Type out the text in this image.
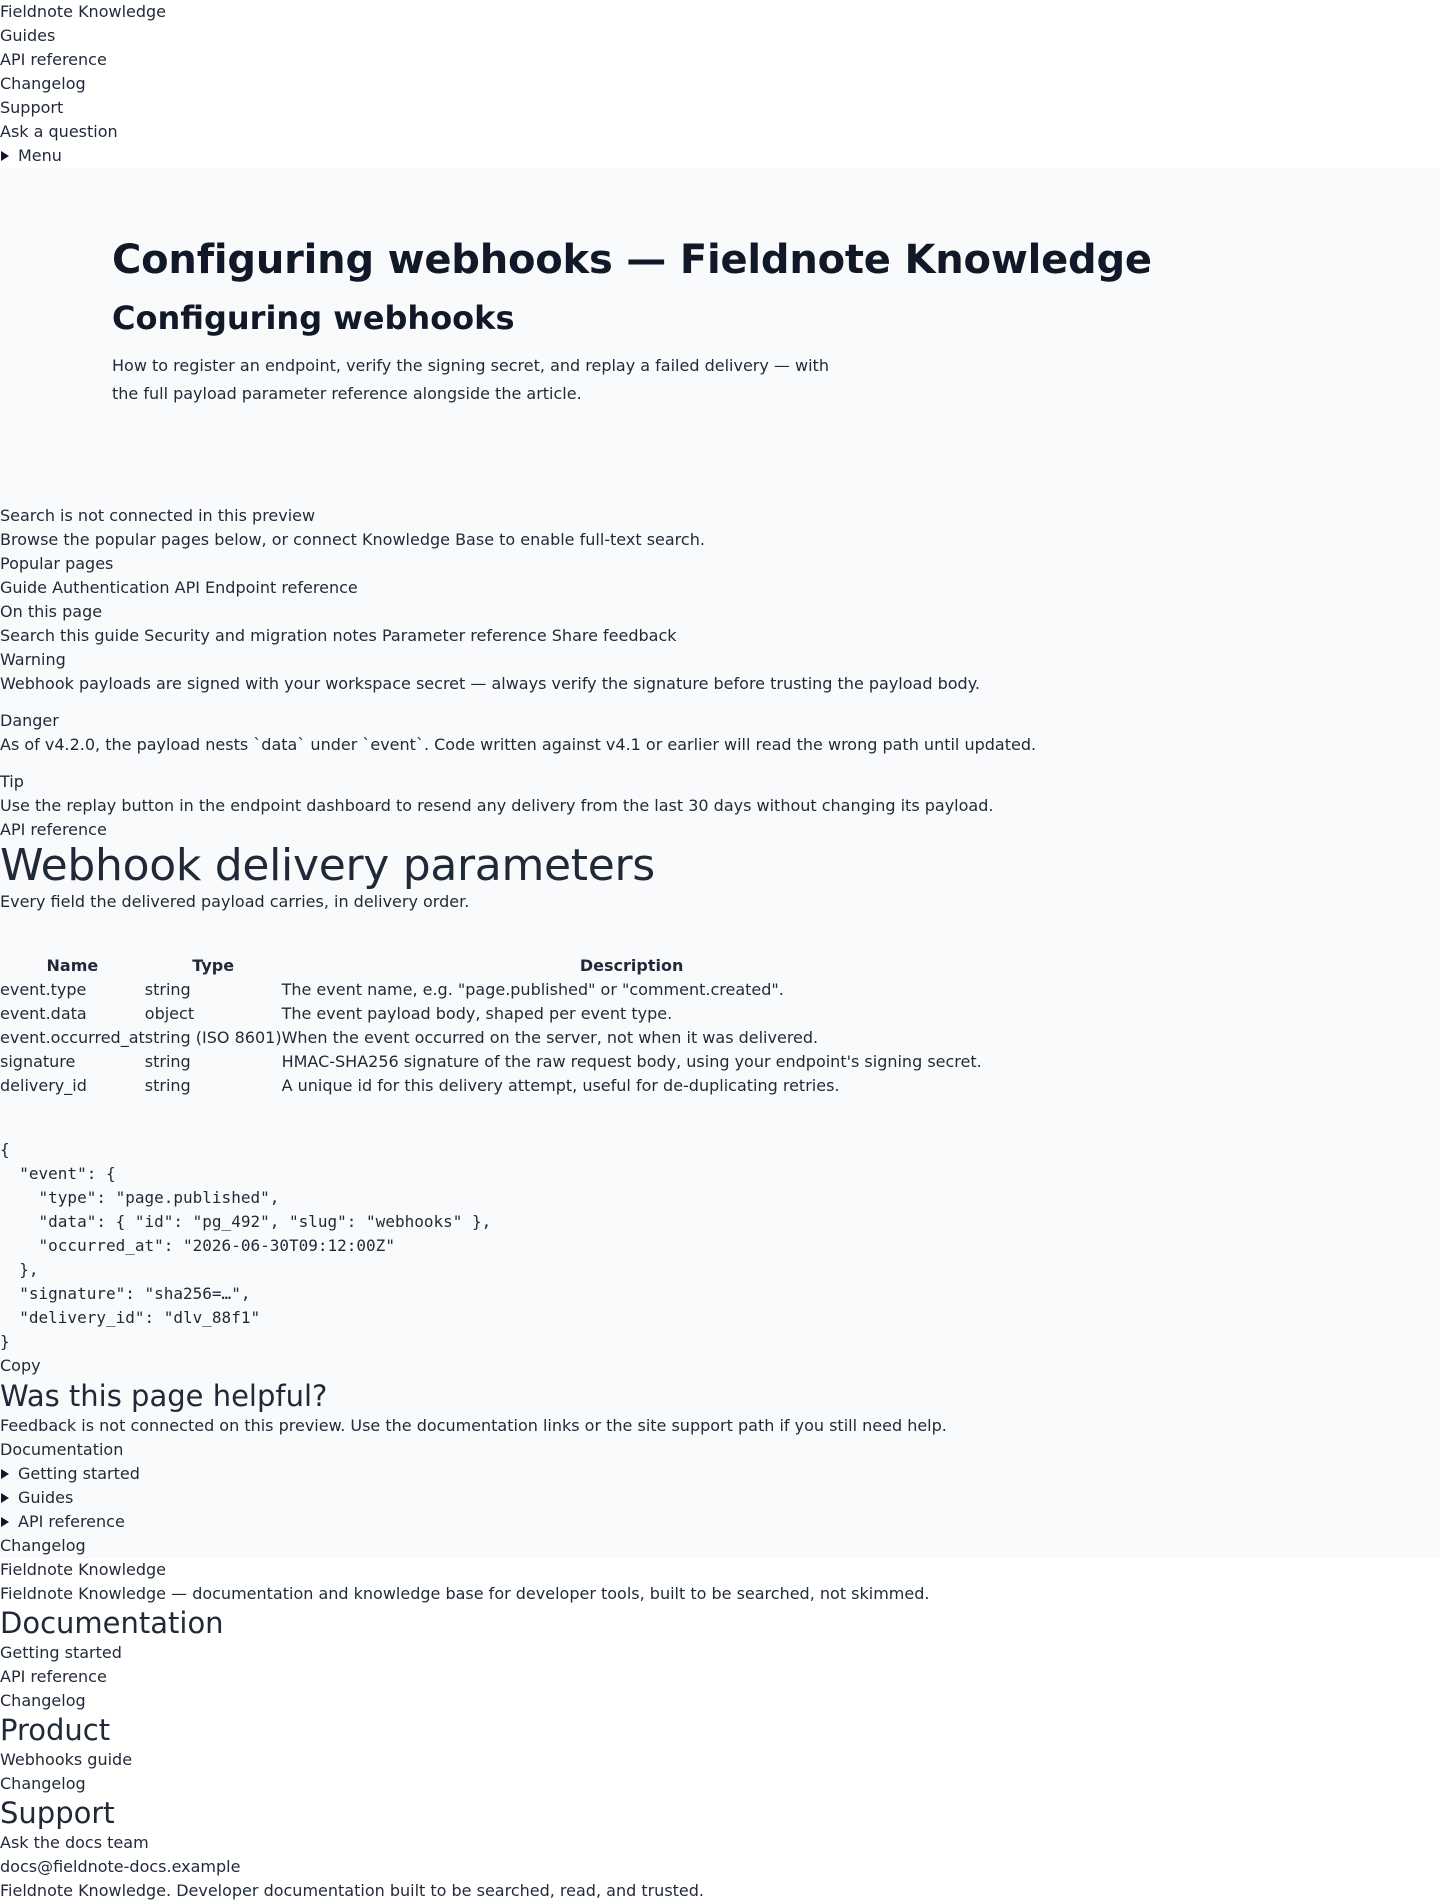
Fieldnote Knowledge
Guides
API reference
Changelog
Support
Ask a question
Menu
Configuring webhooks — Fieldnote Knowledge
Configuring webhooks

How to register an endpoint, verify the signing secret, and replay a failed delivery — with the full payload parameter reference alongside the article.

Search is not connected in this preview
Browse the popular pages below, or connect Knowledge Base to enable full-text search.
Popular pages
Guide Authentication API Endpoint reference
On this page
Search this guide Security and migration notes Parameter reference Share feedback
Warning
Webhook payloads are signed with your workspace secret — always verify the signature before trusting the payload body.
Danger
As of v4.2.0, the payload nests `data` under `event`. Code written against v4.1 or earlier will read the wrong path until updated.
Tip
Use the replay button in the endpoint dashboard to resend any delivery from the last 30 days without changing its payload.
API reference
Webhook delivery parameters
Every field the delivered payload carries, in delivery order.
Name	Type	Description
event.type	string	The event name, e.g. "page.published" or "comment.created".
event.data	object	The event payload body, shaped per event type.
event.occurred_at	string (ISO 8601)	When the event occurred on the server, not when it was delivered.
signature	string	HMAC-SHA256 signature of the raw request body, using your endpoint's signing secret.
delivery_id	string	A unique id for this delivery attempt, useful for de-duplicating retries.
{
"event": {
"type": "page.published",
"data": { "id": "pg_492", "slug": "webhooks" },
"occurred_at": "2026-06-30T09:12:00Z"
},
"signature": "sha256=…",
"delivery_id": "dlv_88f1"
}
Copy
Was this page helpful?
Feedback is not connected on this preview. Use the documentation links or the site support path if you still need help.
Documentation
Getting started
Guides
API reference
Changelog
Fieldnote Knowledge
Fieldnote Knowledge — documentation and knowledge base for developer tools, built to be searched, not skimmed.
Documentation
Getting started
API reference
Changelog
Product
Webhooks guide
Changelog
Support
Ask the docs team
docs@fieldnote-docs.example
Fieldnote Knowledge. Developer documentation built to be searched, read, and trusted.
